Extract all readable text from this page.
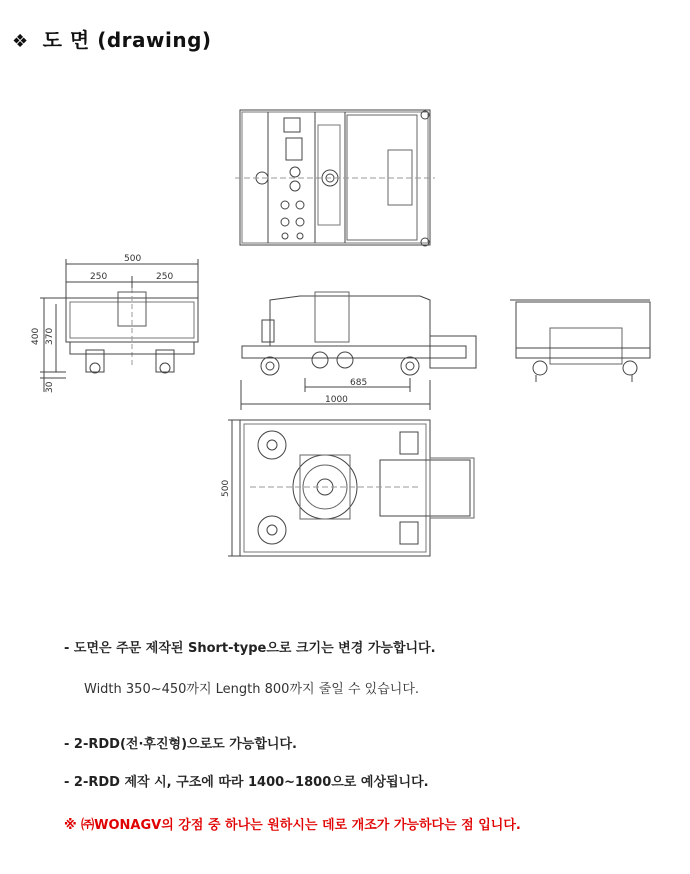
❖ 도 면 (drawing)
500
250	250
685
1000
400 370
30
500
- 도면은 주문 제작된 Short-type으로 크기는 변경 가능합니다.
Width 350~450까지 Length 800까지 줄일 수 있습니다.
- 2-RDD(전·후진형)으로도 가능합니다.
- 2-RDD 제작 시, 구조에 따라 1400~1800으로 예상됩니다.
※ ㈜WONAGV의 강점 중 하나는 원하시는 데로 개조가 가능하다는 점 입니다.
